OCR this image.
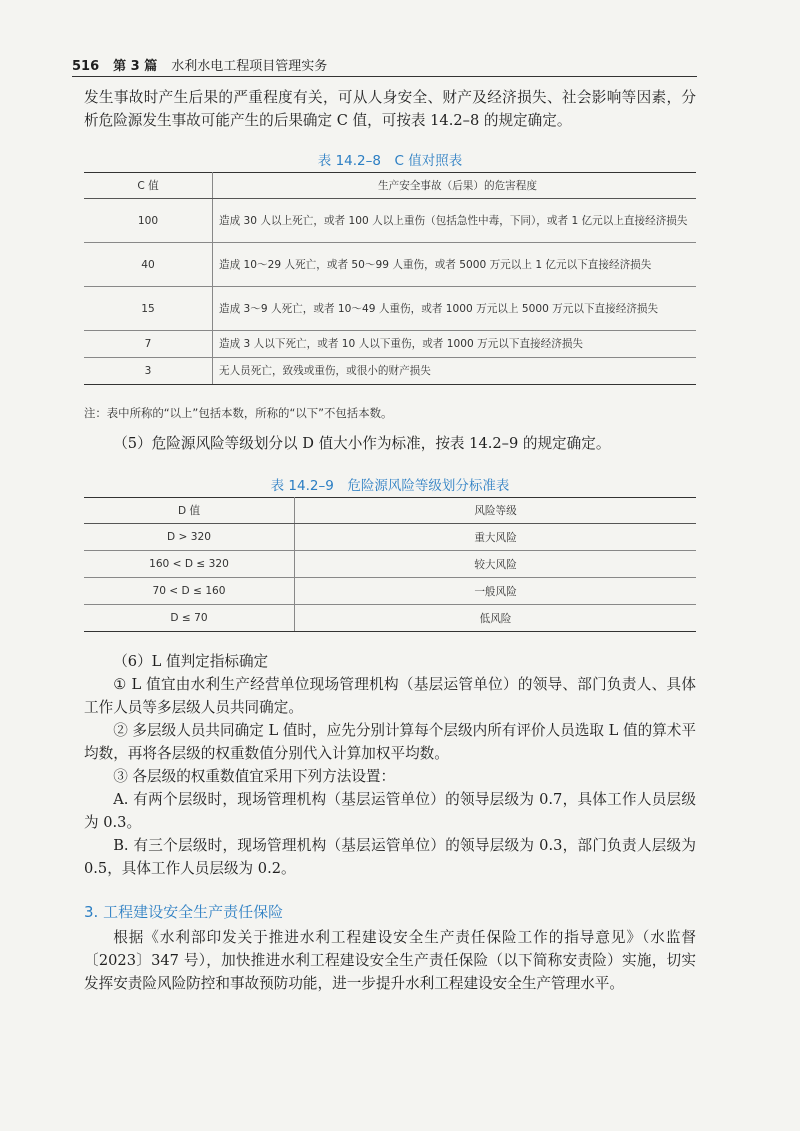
516 第 3 篇 水利水电工程项目管理实务
发生事故时产生后果的严重程度有关，可从人身安全、财产及经济损失、社会影响等因素，分析危险源发生事故可能产生的后果确定 C 值，可按表 14.2–8 的规定确定。
表 14.2–8　C 值对照表
C 值	生产安全事故（后果）的危害程度
100	造成 30 人以上死亡，或者 100 人以上重伤（包括急性中毒，下同），或者 1 亿元以上直接经济损失
40	造成 10～29 人死亡，或者 50～99 人重伤，或者 5000 万元以上 1 亿元以下直接经济损失
15	造成 3～9 人死亡，或者 10～49 人重伤，或者 1000 万元以上 5000 万元以下直接经济损失
7	造成 3 人以下死亡，或者 10 人以下重伤，或者 1000 万元以下直接经济损失
3	无人员死亡，致残或重伤，或很小的财产损失
注：表中所称的“以上”包括本数，所称的“以下”不包括本数。
（5）危险源风险等级划分以 D 值大小作为标准，按表 14.2–9 的规定确定。
表 14.2–9　危险源风险等级划分标准表
D 值	风险等级
D > 320	重大风险
160 < D ≤ 320	较大风险
70 < D ≤ 160	一般风险
D ≤ 70	低风险

（6）L 值判定指标确定

① L 值宜由水利生产经营单位现场管理机构（基层运管单位）的领导、部门负责人、具体工作人员等多层级人员共同确定。

② 多层级人员共同确定 L 值时，应先分别计算每个层级内所有评价人员选取 L 值的算术平均数，再将各层级的权重数值分别代入计算加权平均数。

③ 各层级的权重数值宜采用下列方法设置：

A. 有两个层级时，现场管理机构（基层运管单位）的领导层级为 0.7，具体工作人员层级为 0.3。

B. 有三个层级时，现场管理机构（基层运管单位）的领导层级为 0.3，部门负责人层级为 0.5，具体工作人员层级为 0.2。

3. 工程建设安全生产责任保险
根据《水利部印发关于推进水利工程建设安全生产责任保险工作的指导意见》（水监督〔2023〕347 号），加快推进水利工程建设安全生产责任保险（以下简称安责险）实施，切实发挥安责险风险防控和事故预防功能，进一步提升水利工程建设安全生产管理水平。
